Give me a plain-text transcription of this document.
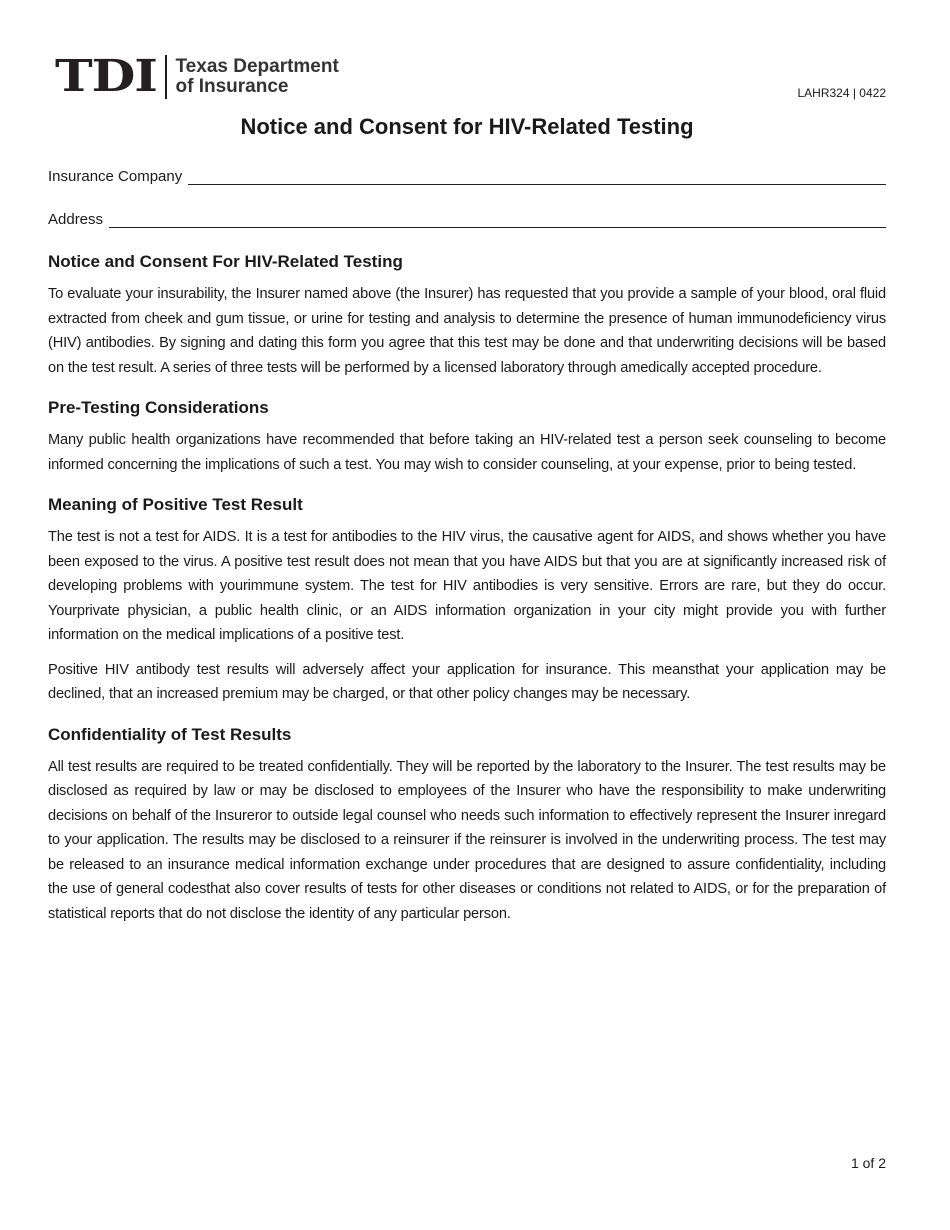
TDI Texas Department
of Insurance	LAHR324 | 0422
Notice and Consent for HIV-Related Testing
Insurance Company
Address
Notice and Consent For HIV-Related Testing

To evaluate your insurability, the Insurer named above (the Insurer) has requested that you provide a sample of your blood, oral fluid extracted from cheek and gum tissue, or urine for testing and analysis to determine the presence of human immunodeficiency virus (HIV) antibodies. By signing and dating this form you agree that this test may be done and that underwriting decisions will be based on the test result. A series of three tests will be performed by a licensed laboratory through amedically accepted procedure.

Pre-Testing Considerations

Many public health organizations have recommended that before taking an HIV-related test a person seek counseling to become informed concerning the implications of such a test. You may wish to consider counseling, at your expense, prior to being tested.

Meaning of Positive Test Result

The test is not a test for AIDS. It is a test for antibodies to the HIV virus, the causative agent for AIDS, and shows whether you have been exposed to the virus. A positive test result does not mean that you have AIDS but that you are at significantly increased risk of developing problems with yourimmune system. The test for HIV antibodies is very sensitive. Errors are rare, but they do occur. Yourprivate physician, a public health clinic, or an AIDS information organization in your city might provide you with further information on the medical implications of a positive test.

Positive HIV antibody test results will adversely affect your application for insurance. This meansthat your application may be declined, that an increased premium may be charged, or that other policy changes may be necessary.

Confidentiality of Test Results

All test results are required to be treated confidentially. They will be reported by the laboratory to the Insurer. The test results may be disclosed as required by law or may be disclosed to employees of the Insurer who have the responsibility to make underwriting decisions on behalf of the Insureror to outside legal counsel who needs such information to effectively represent the Insurer inregard to your application. The results may be disclosed to a reinsurer if the reinsurer is involved in the underwriting process. The test may be released to an insurance medical information exchange under procedures that are designed to assure confidentiality, including the use of general codesthat also cover results of tests for other diseases or conditions not related to AIDS, or for the preparation of statistical reports that do not disclose the identity of any particular person.

1 of 2
